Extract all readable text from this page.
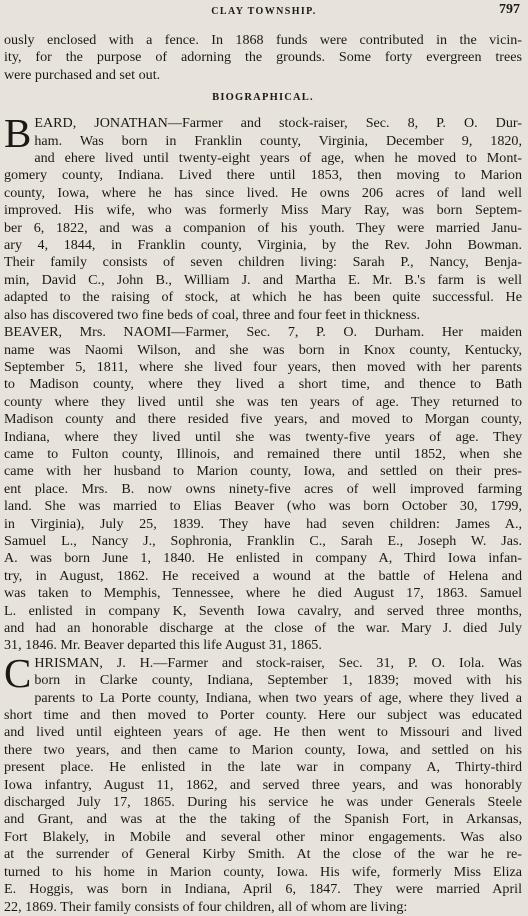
CLAY TOWNSHIP.	797

ously enclosed with a fence. In 1868 funds were contributed in the vicin-
ity, for the purpose of adorning the grounds. Some forty evergreen trees
were purchased and set out.

BIOGRAPHICAL.

B EARD, JONATHAN—Farmer and stock-raiser, Sec. 8, P. O. Dur-
ham. Was born in Franklin county, Virginia, December 9, 1820,
and ehere lived until twenty-eight years of age, when he moved to Mont-
gomery county, Indiana. Lived there until 1853, then moving to Marion
county, Iowa, where he has since lived. He owns 206 acres of land well
improved. His wife, who was formerly Miss Mary Ray, was born Septem-
ber 6, 1822, and was a companion of his youth. They were married Janu-
ary 4, 1844, in Franklin county, Virginia, by the Rev. John Bowman.
Their family consists of seven children living: Sarah P., Nancy, Benja-
min, David C., John B., William J. and Martha E. Mr. B.'s farm is well
adapted to the raising of stock, at which he has been quite successful. He
also has discovered two fine beds of coal, three and four feet in thickness.

BEAVER, Mrs. NAOMI—Farmer, Sec. 7, P. O. Durham. Her maiden
name was Naomi Wilson, and she was born in Knox county, Kentucky,
September 5, 1811, where she lived four years, then moved with her parents
to Madison county, where they lived a short time, and thence to Bath
county where they lived until she was ten years of age. They returned to
Madison county and there resided five years, and moved to Morgan county,
Indiana, where they lived until she was twenty-five years of age. They
came to Fulton county, Illinois, and remained there until 1852, when she
came with her husband to Marion county, Iowa, and settled on their pres-
ent place. Mrs. B. now owns ninety-five acres of well improved farming
land. She was married to Elias Beaver (who was born October 30, 1799,
in Virginia), July 25, 1839. They have had seven children: James A.,
Samuel L., Nancy J., Sophronia, Franklin C., Sarah E., Joseph W. Jas.
A. was born June 1, 1840. He enlisted in company A, Third Iowa infan-
try, in August, 1862. He received a wound at the battle of Helena and
was taken to Memphis, Tennessee, where he died August 17, 1863. Samuel
L. enlisted in company K, Seventh Iowa cavalry, and served three months,
and had an honorable discharge at the close of the war. Mary J. died July
31, 1846. Mr. Beaver departed this life August 31, 1865.

C HRISMAN, J. H.—Farmer and stock-raiser, Sec. 31, P. O. Iola. Was
born in Clarke county, Indiana, September 1, 1839; moved with his
parents to La Porte county, Indiana, when two years of age, where they lived a
short time and then moved to Porter county. Here our subject was educated
and lived until eighteen years of age. He then went to Missouri and lived
there two years, and then came to Marion county, Iowa, and settled on his
present place. He enlisted in the late war in company A, Thirty-third
Iowa infantry, August 11, 1862, and served three years, and was honorably
discharged July 17, 1865. During his service he was under Generals Steele
and Grant, and was at the the taking of the Spanish Fort, in Arkansas,
Fort Blakely, in Mobile and several other minor engagements. Was also
at the surrender of General Kirby Smith. At the close of the war he re-
turned to his home in Marion county, Iowa. His wife, formerly Miss Eliza
E. Hoggis, was born in Indiana, April 6, 1847. They were married April
22, 1869. Their family consists of four children, all of whom are living:
